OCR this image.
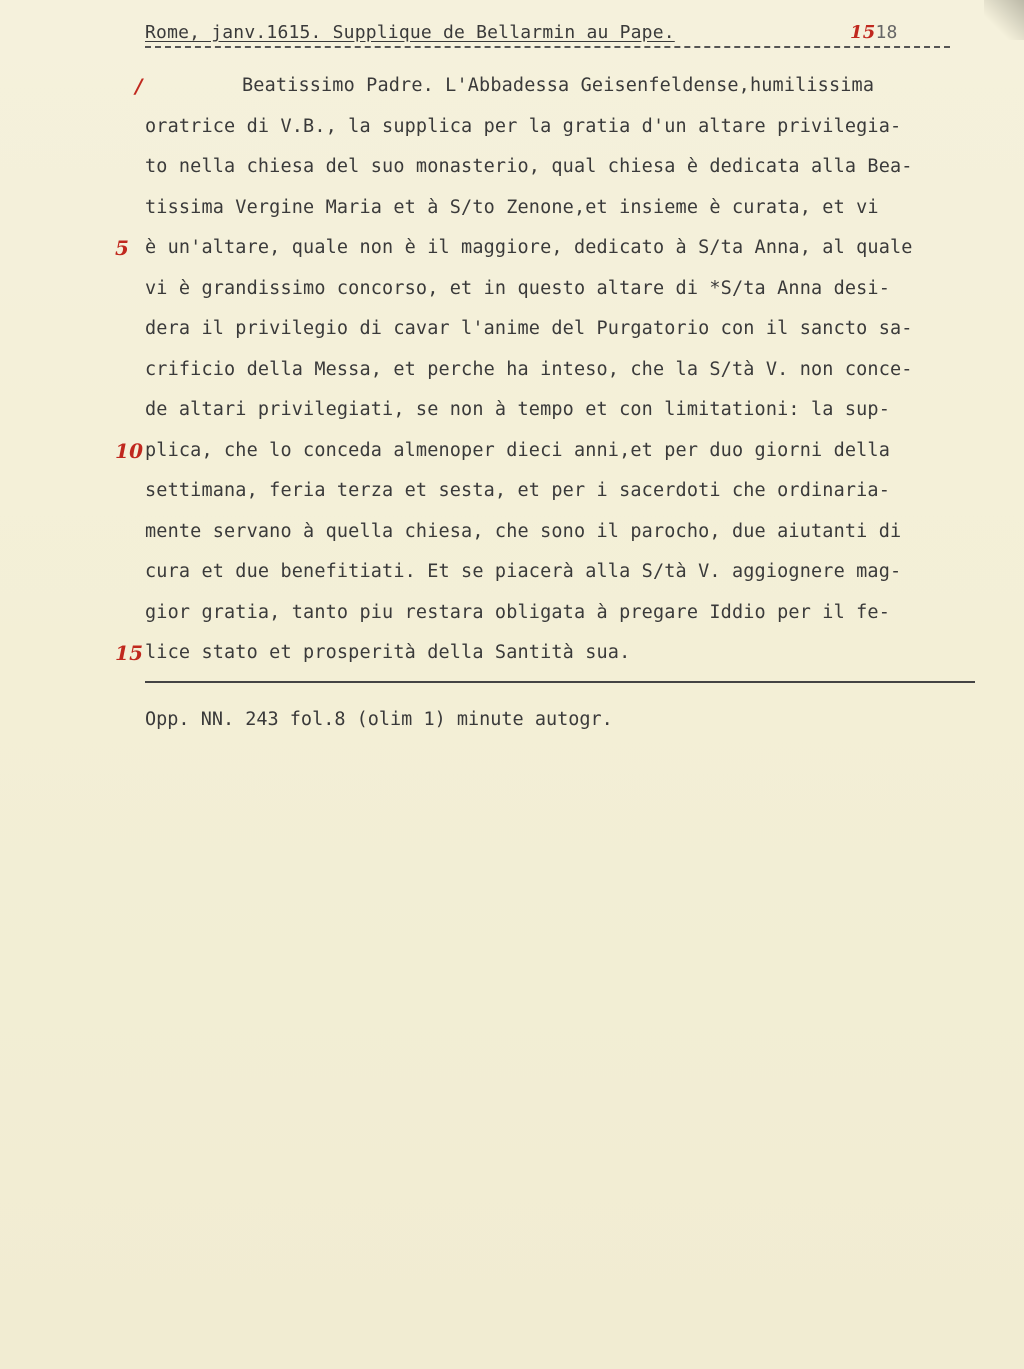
Rome, janv.1615. Supplique de Bellarmin au Pape.	1518
/	Beatissimo Padre. L'Abbadessa Geisenfeldense,humilissima
oratrice di V.B., la supplica per la gratia d'un altare privilegia-
to nella chiesa del suo monasterio, qual chiesa è dedicata alla Bea-
tissima Vergine Maria et à S/to Zenone,et insieme è curata, et vi
5 è un'altare, quale non è il maggiore, dedicato à S/ta Anna, al quale
vi è grandissimo concorso, et in questo altare di *S/ta Anna desi-
dera il privilegio di cavar l'anime del Purgatorio con il sancto sa-
crificio della Messa, et perche ha inteso, che la S/tà V. non conce-
de altari privilegiati, se non à tempo et con limitationi: la sup-
10 plica, che lo conceda almenoper dieci anni,et per duo giorni della
settimana, feria terza et sesta, et per i sacerdoti che ordinaria-
mente servano à quella chiesa, che sono il parocho, due aiutanti di
cura et due benefitiati. Et se piacerà alla S/tà V. aggiognere mag-
gior gratia, tanto piu restara obligata à pregare Iddio per il fe-
15 lice stato et prosperità della Santità sua.
Opp. NN. 243 fol.8 (olim 1) minute autogr.
